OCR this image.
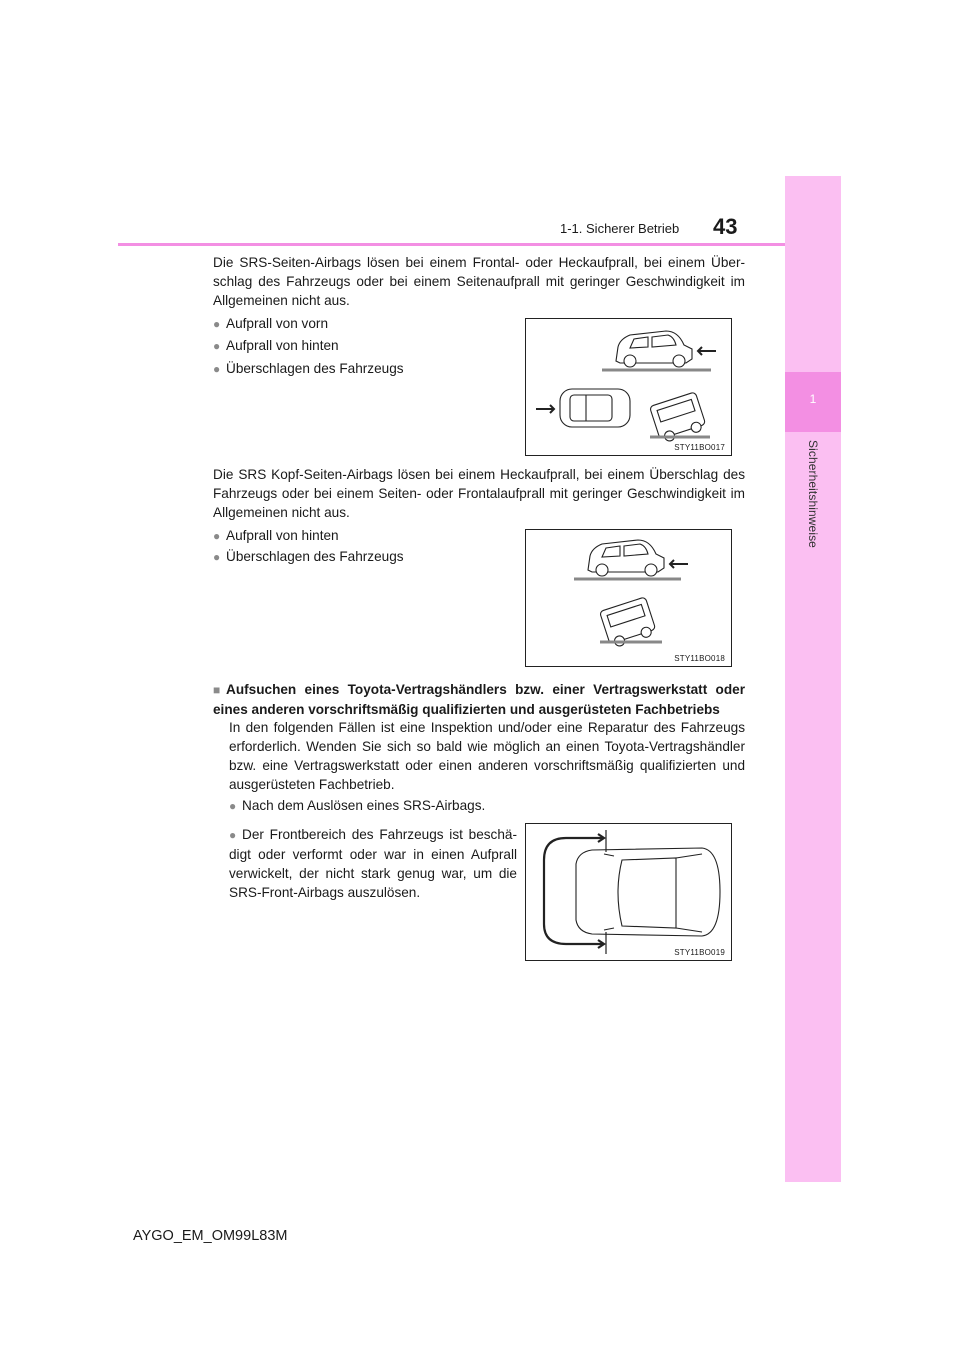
1
Sicherheitshinweise
1-1. Sicherer Betrieb 43

Die SRS-Seiten-Airbags lösen bei einem Frontal- oder Heckaufprall, bei einem Über-schlag des Fahrzeugs oder bei einem Seitenaufprall mit geringer Geschwindigkeit im Allgemeinen nicht aus.

● Aufprall von vorn
● Aufprall von hinten
● Überschlagen des Fahrzeugs
STY11BO017

Die SRS Kopf-Seiten-Airbags lösen bei einem Heckaufprall, bei einem Überschlag des Fahrzeugs oder bei einem Seiten- oder Frontalaufprall mit geringer Geschwindigkeit im Allgemeinen nicht aus.

● Aufprall von hinten
● Überschlagen des Fahrzeugs
STY11BO018
■ Aufsuchen eines Toyota-Vertragshändlers bzw. einer Vertragswerkstatt oder eines anderen vorschriftsmäßig qualifizierten und ausgerüsteten Fachbetriebs

In den folgenden Fällen ist eine Inspektion und/oder eine Reparatur des Fahrzeugs erforderlich. Wenden Sie sich so bald wie möglich an einen Toyota-Vertragshändler bzw. eine Vertragswerkstatt oder einen anderen vorschriftsmäßig qualifizierten und ausgerüsteten Fachbetrieb.

● Nach dem Auslösen eines SRS-Airbags.
● Der Frontbereich des Fahrzeugs ist beschä-digt oder verformt oder war in einen Aufprall verwickelt, der nicht stark genug war, um die SRS-Front-Airbags auszulösen.
STY11BO019
AYGO_EM_OM99L83M
